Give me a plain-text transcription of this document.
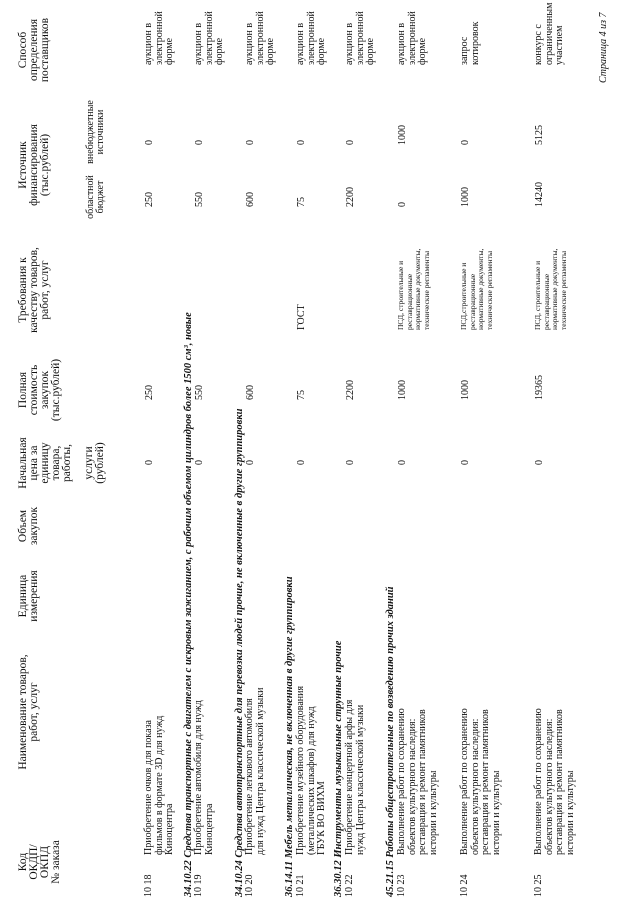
Код ОКДП/ ОКПД № заказа
Наименование товаров, работ, услуг
Единица измерения
Объем закупок
Начальная цена за единицу товара, работы, услуги (рублей)
Полная стоимость закупок (тыс.рублей)
Требования к качеству товаров, работ, услуг
Источник финансирования (тыс.рублей)
областной бюджет
внебюджетные источники
Способ определения поставщиков
10 18
Приобретение очков для показа фильмов в формате 3D для нужд Киноцентра
0
250
250
0
аукцион в электронной форме
34.10.22 Средства транспортные с двигателем с искровым зажиганием, с рабочим объемом цилиндров более 1500 см³, новые 10 19
Приобретение автомобиля для нужд Киноцентра
0
550
550
0
аукцион в электронной форме
34.10.24 Средства автотранспортные для перевозки людей прочие, не включенные в другие группировки 10 20
Приобретение легкового автомобиля для нужд Центра классической музыки
0
600
600
0
аукцион в электронной форме
36.14.11 Мебель металлическая, не включенная в другие группировки 10 21
Приобретение музейного оборудования (металлических шкафов) для нужд ГБУК ВО ВИХМ
0
75
ГОСТ
75
0
аукцион в электронной форме
36.30.12 Инструменты музыкальные струнные прочие 10 22
Приобретение концертной арфы для нужд Центра классической музыки
0
2200
2200
0
аукцион в электронной форме
45.21.15 Работы общестроительные по возведению прочих зданий 10 23
Выполнение работ по сохранению объектов культурного наследия: реставрация и ремонт памятников истории и культуры
0
1000
ПСД, строительные и реставрационные нормативные документы, технические регламенты
0
1000
аукцион в электронной форме
10 24
Выполнение работ по сохранению объектов культурного наследия: реставрация и ремонт памятников истории и культуры
0
1000
ПСД,строительные и реставрационные нормативные документы, технические регламенты
1000
0
запрос котировок
10 25
Выполнение работ по сохранению объектов культурного наследия: реставрация и ремонт памятников истории и культуры
0
19365
ПСД, строительные и реставрационные нормативные документы, технические регламенты
14240
5125
конкурс с ограниченным участием	Страница 4 из 7
